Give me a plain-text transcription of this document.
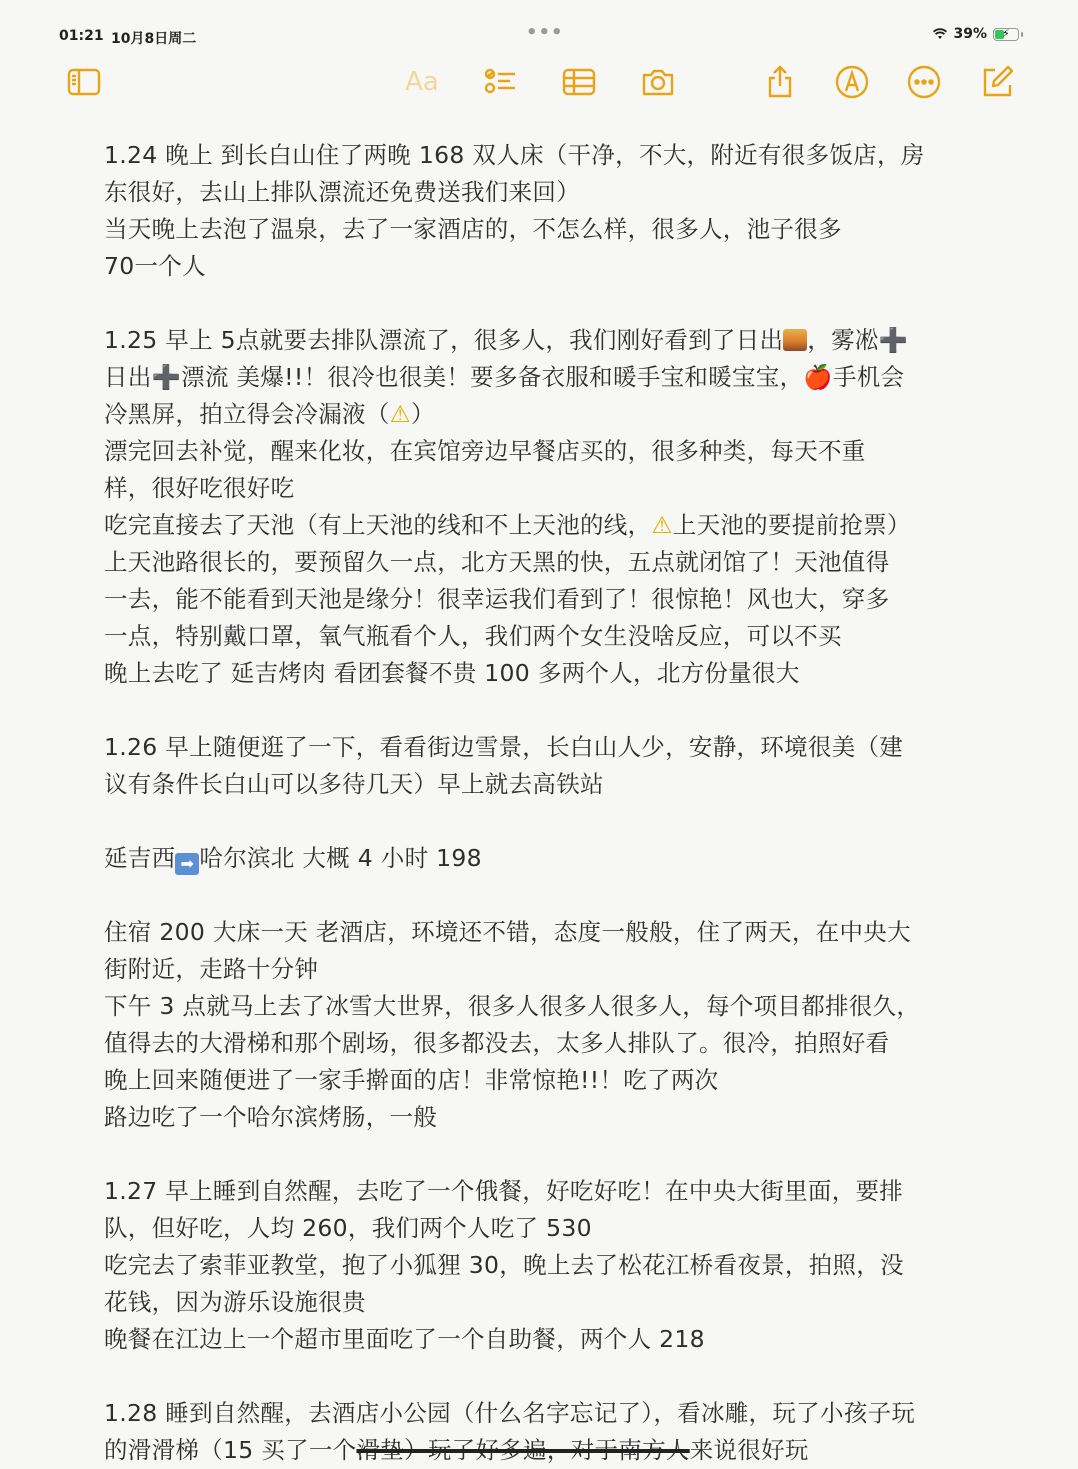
01:21 10月8日周二	•••	39% ⚡
Aa

1.24 晚上 到长白山住了两晚 168 双人床（干净，不大，附近有很多饭店，房

东很好，去山上排队漂流还免费送我们来回）

当天晚上去泡了温泉，去了一家酒店的，不怎么样，很多人，池子很多

70一个人

1.25 早上 5点就要去排队漂流了，很多人，我们刚好看到了日出 ，雾凇➕

日出➕漂流 美爆!!！很冷也很美！要多备衣服和暖手宝和暖宝宝，🍎手机会

冷黑屏，拍立得会冷漏液（⚠）

漂完回去补觉，醒来化妆，在宾馆旁边早餐店买的，很多种类，每天不重

样，很好吃很好吃

吃完直接去了天池（有上天池的线和不上天池的线，⚠上天池的要提前抢票）

上天池路很长的，要预留久一点，北方天黑的快，五点就闭馆了！天池值得

一去，能不能看到天池是缘分！很幸运我们看到了！很惊艳！风也大，穿多

一点，特别戴口罩，氧气瓶看个人，我们两个女生没啥反应，可以不买

晚上去吃了 延吉烤肉 看团套餐不贵 100 多两个人，北方份量很大

1.26 早上随便逛了一下，看看街边雪景，长白山人少，安静，环境很美（建

议有条件长白山可以多待几天）早上就去高铁站

延吉西 ➡ 哈尔滨北 大概 4 小时 198

住宿 200 大床一天 老酒店，环境还不错，态度一般般，住了两天，在中央大

街附近，走路十分钟

下午 3 点就马上去了冰雪大世界，很多人很多人很多人，每个项目都排很久，

值得去的大滑梯和那个剧场，很多都没去，太多人排队了。很冷，拍照好看

晚上回来随便进了一家手擀面的店！非常惊艳!!！吃了两次

路边吃了一个哈尔滨烤肠，一般

1.27 早上睡到自然醒，去吃了一个俄餐，好吃好吃！在中央大街里面，要排

队，但好吃，人均 260，我们两个人吃了 530

吃完去了索菲亚教堂，抱了小狐狸 30，晚上去了松花江桥看夜景，拍照，没

花钱，因为游乐设施很贵

晚餐在江边上一个超市里面吃了一个自助餐，两个人 218

1.28 睡到自然醒，去酒店小公园（什么名字忘记了），看冰雕，玩了小孩子玩

的滑滑梯（15 买了一个滑垫）玩了好多遍，对于南方人来说很好玩
